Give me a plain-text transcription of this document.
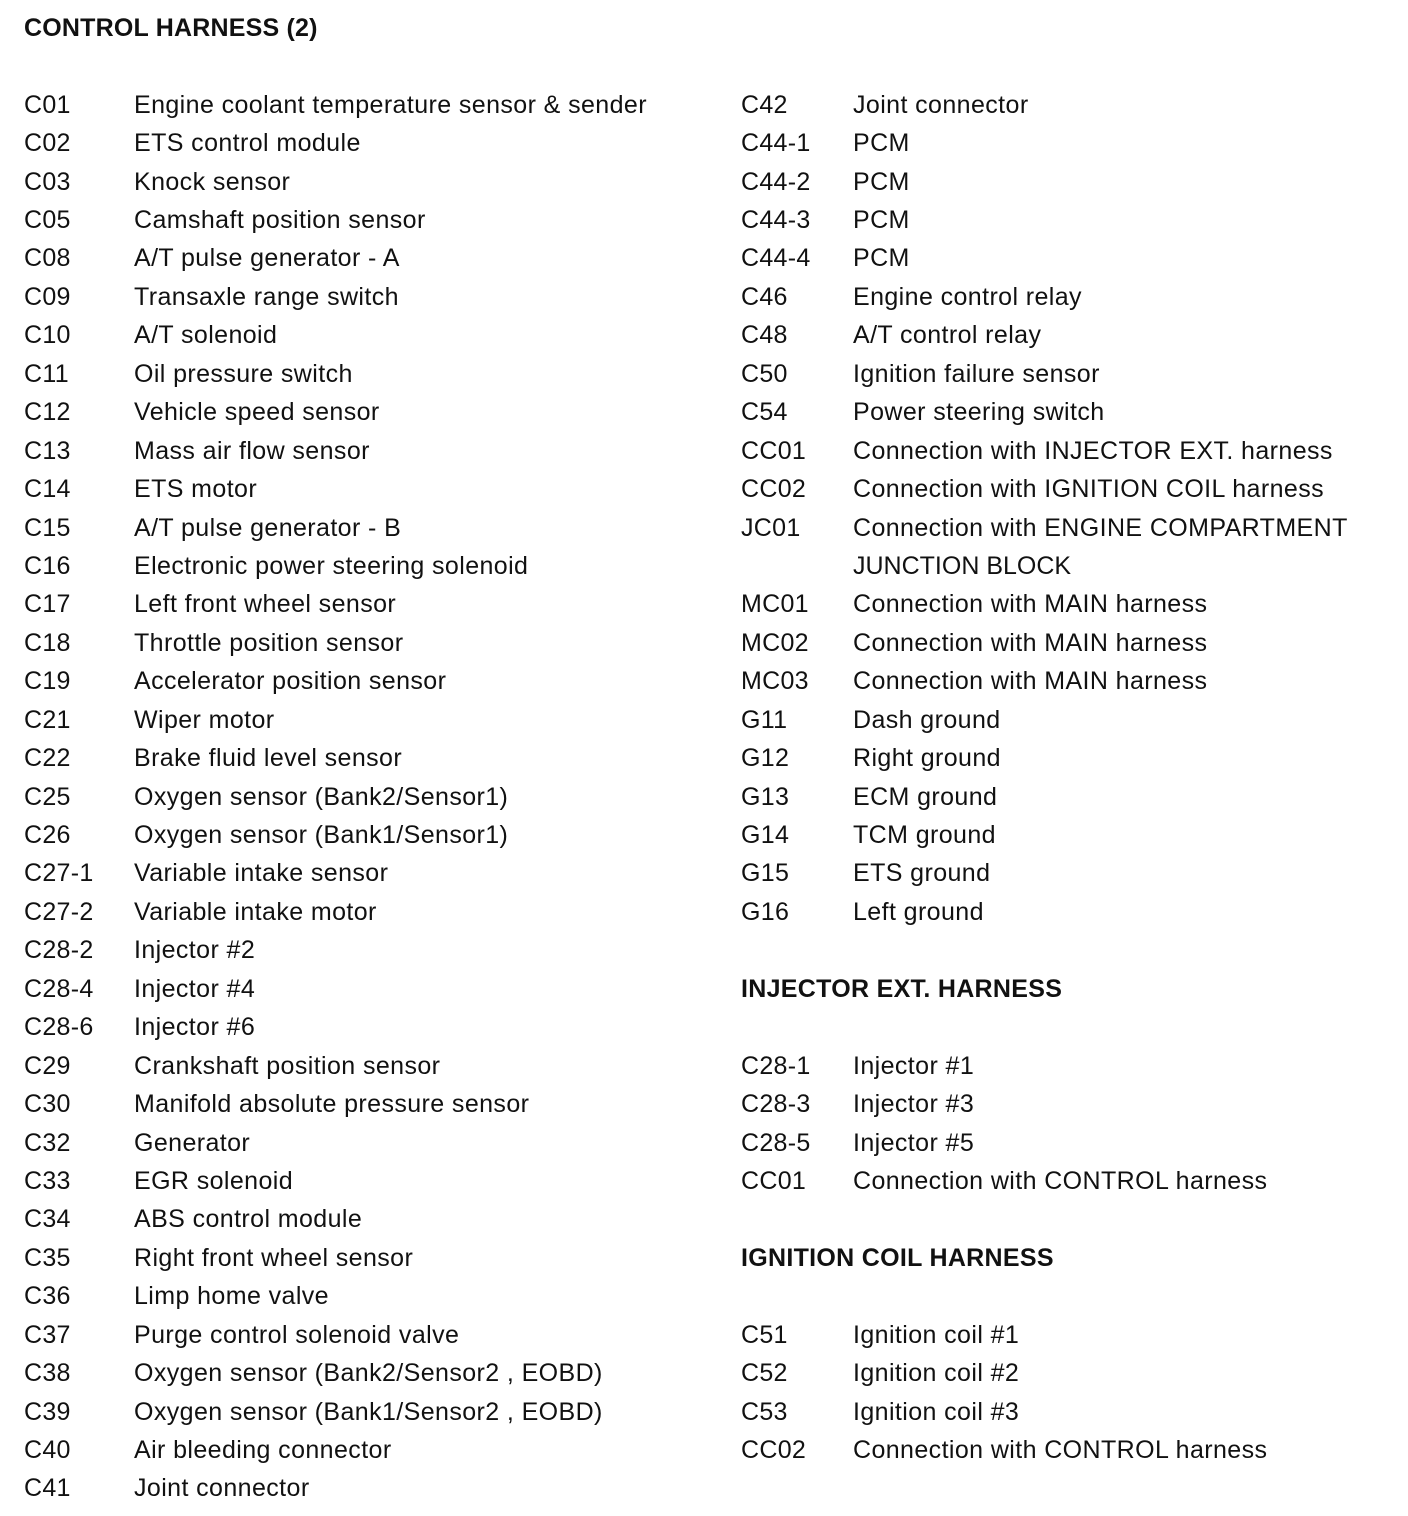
CONTROL HARNESS (2)
C01	Engine coolant temperature sensor & sender
C02	ETS control module
C03	Knock sensor
C05	Camshaft position sensor
C08	A/T pulse generator - A
C09	Transaxle range switch
C10	A/T solenoid
C11	Oil pressure switch
C12	Vehicle speed sensor
C13	Mass air flow sensor
C14	ETS motor
C15	A/T pulse generator - B
C16	Electronic power steering solenoid
C17	Left front wheel sensor
C18	Throttle position sensor
C19	Accelerator position sensor
C21	Wiper motor
C22	Brake fluid level sensor
C25	Oxygen sensor (Bank2/Sensor1)
C26	Oxygen sensor (Bank1/Sensor1)
C27-1	Variable intake sensor
C27-2	Variable intake motor
C28-2	Injector #2
C28-4	Injector #4
C28-6	Injector #6
C29	Crankshaft position sensor
C30	Manifold absolute pressure sensor
C32	Generator
C33	EGR solenoid
C34	ABS control module
C35	Right front wheel sensor
C36	Limp home valve
C37	Purge control solenoid valve
C38	Oxygen sensor (Bank2/Sensor2 , EOBD)
C39	Oxygen sensor (Bank1/Sensor2 , EOBD)
C40	Air bleeding connector
C41	Joint connector
C42	Joint connector
C44-1	PCM
C44-2	PCM
C44-3	PCM
C44-4	PCM
C46	Engine control relay
C48	A/T control relay
C50	Ignition failure sensor
C54	Power steering switch
CC01	Connection with INJECTOR EXT. harness
CC02	Connection with IGNITION COIL harness
JC01	Connection with ENGINE COMPARTMENT
JUNCTION BLOCK
MC01	Connection with MAIN harness
MC02	Connection with MAIN harness
MC03	Connection with MAIN harness
G11	Dash ground
G12	Right ground
G13	ECM ground
G14	TCM ground
G15	ETS ground
G16	Left ground
INJECTOR EXT. HARNESS
C28-1	Injector #1
C28-3	Injector #3
C28-5	Injector #5
CC01	Connection with CONTROL harness
IGNITION COIL HARNESS
C51	Ignition coil #1
C52	Ignition coil #2
C53	Ignition coil #3
CC02	Connection with CONTROL harness
